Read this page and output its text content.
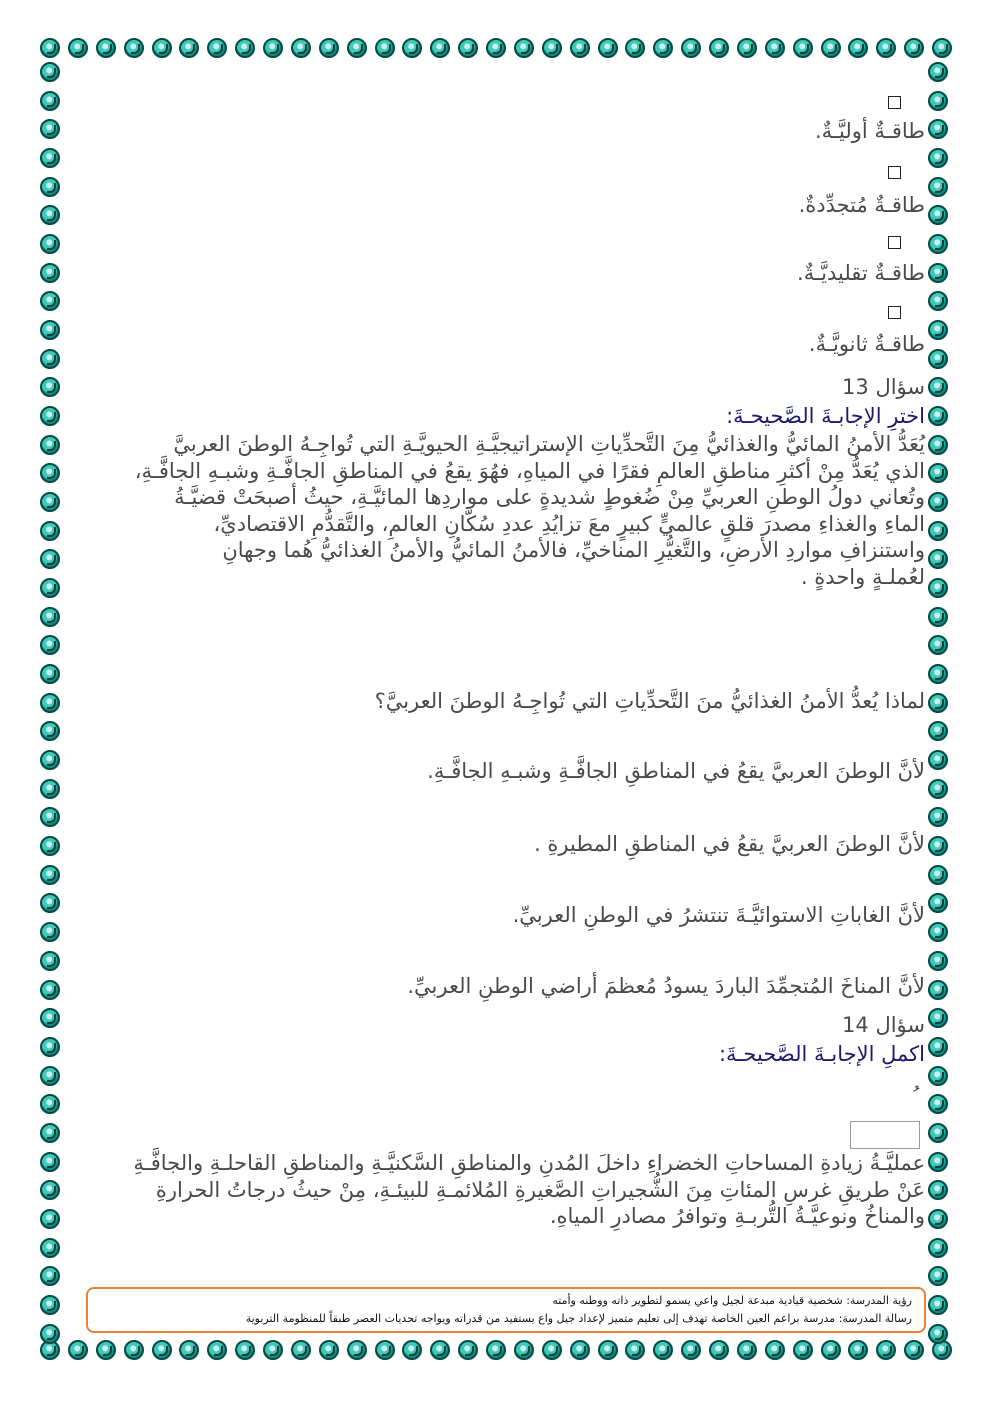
طاقـةٌ أوليَّـةٌ.
طاقـةٌ مُتجدِّدةٌ.
طاقـةٌ تقليديَّـةٌ.
طاقـةٌ ثانويَّـةٌ.
سؤال 13
اخترِ الإجابـةَ الصَّحيحـةَ:
يُعَدُّ الأمنُ المائيُّ والغذائيُّ مِنَ التَّحدِّياتِ الإستراتيجيَّـةِ الحيويَّـةِ التي تُواجِـهُ الوطنَ العربيَّ
الذي يُعَدُّ مِنْ أكثرِ مناطقِ العالمِ فقرًا في المياهِ، فهُوَ يقعُ في المناطقِ الجافَّـةِ وشبـهِ الجافَّـةِ،
وتُعاني دولُ الوطنِ العربيِّ مِنْ ضُغوطٍ شديدةٍ على مواردِها المائيَّـةِ، حيثُ أصبحَتْ قضيَّـةُ
الماءِ والغذاءِ مصدرَ قلقٍ عالميٍّ كبيرٍ معَ تزايُدِ عددِ سُكَّانِ العالمِ، والتَّقدُّمِ الاقتصاديِّ،
واستنزافِ مواردِ الأرضِ، والتَّغيُّرِ المناخيِّ، فالأمنُ المائيُّ والأمنُ الغذائيُّ هُما وجهانِ
لعُملـةٍ واحدةٍ .
لماذا يُعدُّ الأمنُ الغذائيُّ منَ التَّحدِّياتِ التي تُواجِـهُ الوطنَ العربيَّ؟
لأنَّ الوطنَ العربيَّ يقعُ في المناطقِ الجافَّـةِ وشبـهِ الجافَّـةِ.
لأنَّ الوطنَ العربيَّ يقعُ في المناطقِ المطيرةِ .
لأنَّ الغاباتِ الاستوائيَّـةَ تنتشرُ في الوطنِ العربيِّ.
لأنَّ المناخَ المُتجمِّدَ الباردَ يسودُ مُعظمَ أراضي الوطنِ العربيِّ.
سؤال 14
اكملِ الإجابـةَ الصَّحيحـةَ:
عمليَّـةُ زيادةِ المساحاتِ الخضراءِ داخلَ المُدنِ والمناطقِ السَّكنيَّـةِ والمناطقِ القاحلـةِ والجافَّـةِ
عَنْ طريقِ غرسِ المئاتِ مِنَ الشُّجيراتِ الصَّغيرةِ المُلائمـةِ للبيئـةِ، مِنْ حيثُ درجاتُ الحرارةِ
والمناخُ ونوعيَّـةُ التُّربـةِ وتوافرُ مصادرِ المياهِ.
رؤية المدرسة: شخصية قيادية مبدعة لجيل واعي يسمو لتطوير ذاته ووطنه وأمته
رسالة المدرسة: مدرسة براعم العين الخاصة تهدف إلى تعليم متميز لإعداد جيل واع يستفيد من قدراته ويواجه تحديات العصر طبقاً للمنظومة التربوية
